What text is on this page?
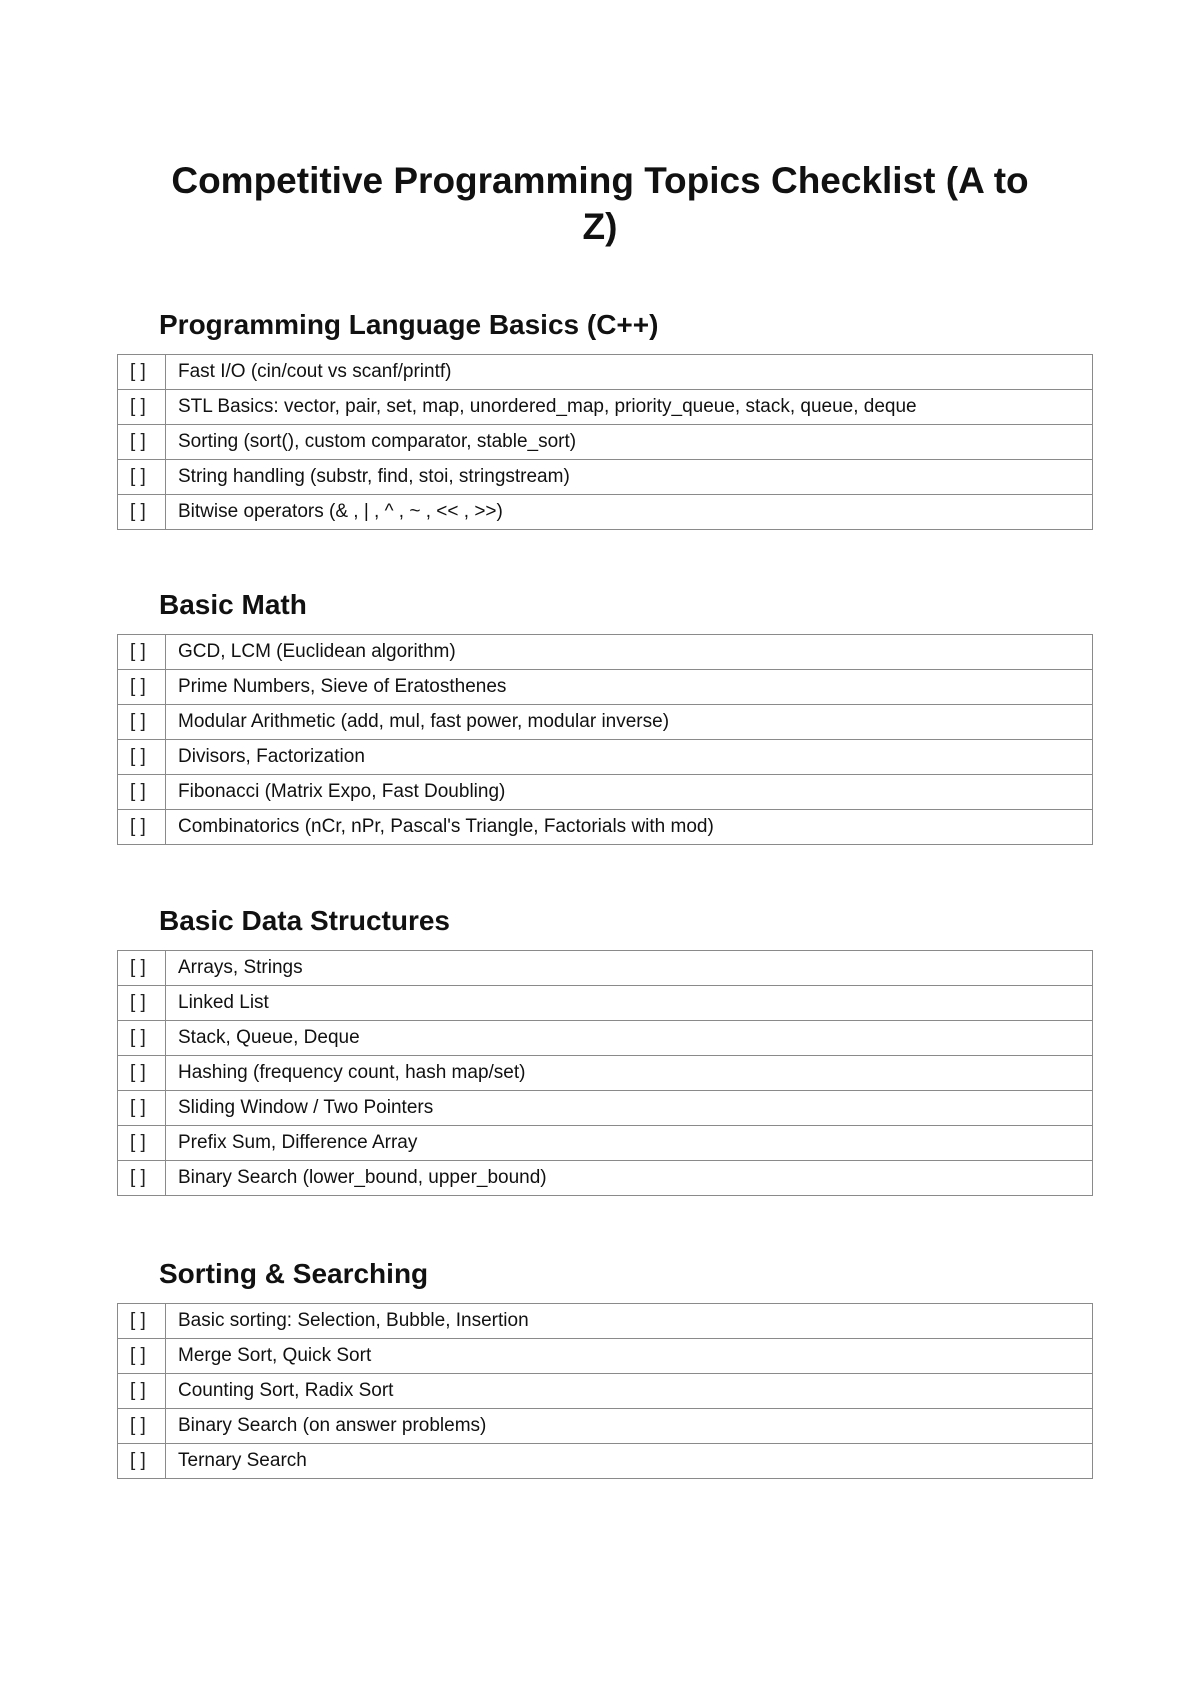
Competitive Programming Topics Checklist (A to Z)
Programming Language Basics (C++)
[ ]	Fast I/O (cin/cout vs scanf/printf)
[ ]	STL Basics: vector, pair, set, map, unordered_map, priority_queue, stack, queue, deque
[ ]	Sorting (sort(), custom comparator, stable_sort)
[ ]	String handling (substr, find, stoi, stringstream)
[ ]	Bitwise operators (& , | , ^ , ~ , << , >>)
Basic Math
[ ]	GCD, LCM (Euclidean algorithm)
[ ]	Prime Numbers, Sieve of Eratosthenes
[ ]	Modular Arithmetic (add, mul, fast power, modular inverse)
[ ]	Divisors, Factorization
[ ]	Fibonacci (Matrix Expo, Fast Doubling)
[ ]	Combinatorics (nCr, nPr, Pascal's Triangle, Factorials with mod)
Basic Data Structures
[ ]	Arrays, Strings
[ ]	Linked List
[ ]	Stack, Queue, Deque
[ ]	Hashing (frequency count, hash map/set)
[ ]	Sliding Window / Two Pointers
[ ]	Prefix Sum, Difference Array
[ ]	Binary Search (lower_bound, upper_bound)
Sorting & Searching
[ ]	Basic sorting: Selection, Bubble, Insertion
[ ]	Merge Sort, Quick Sort
[ ]	Counting Sort, Radix Sort
[ ]	Binary Search (on answer problems)
[ ]	Ternary Search
